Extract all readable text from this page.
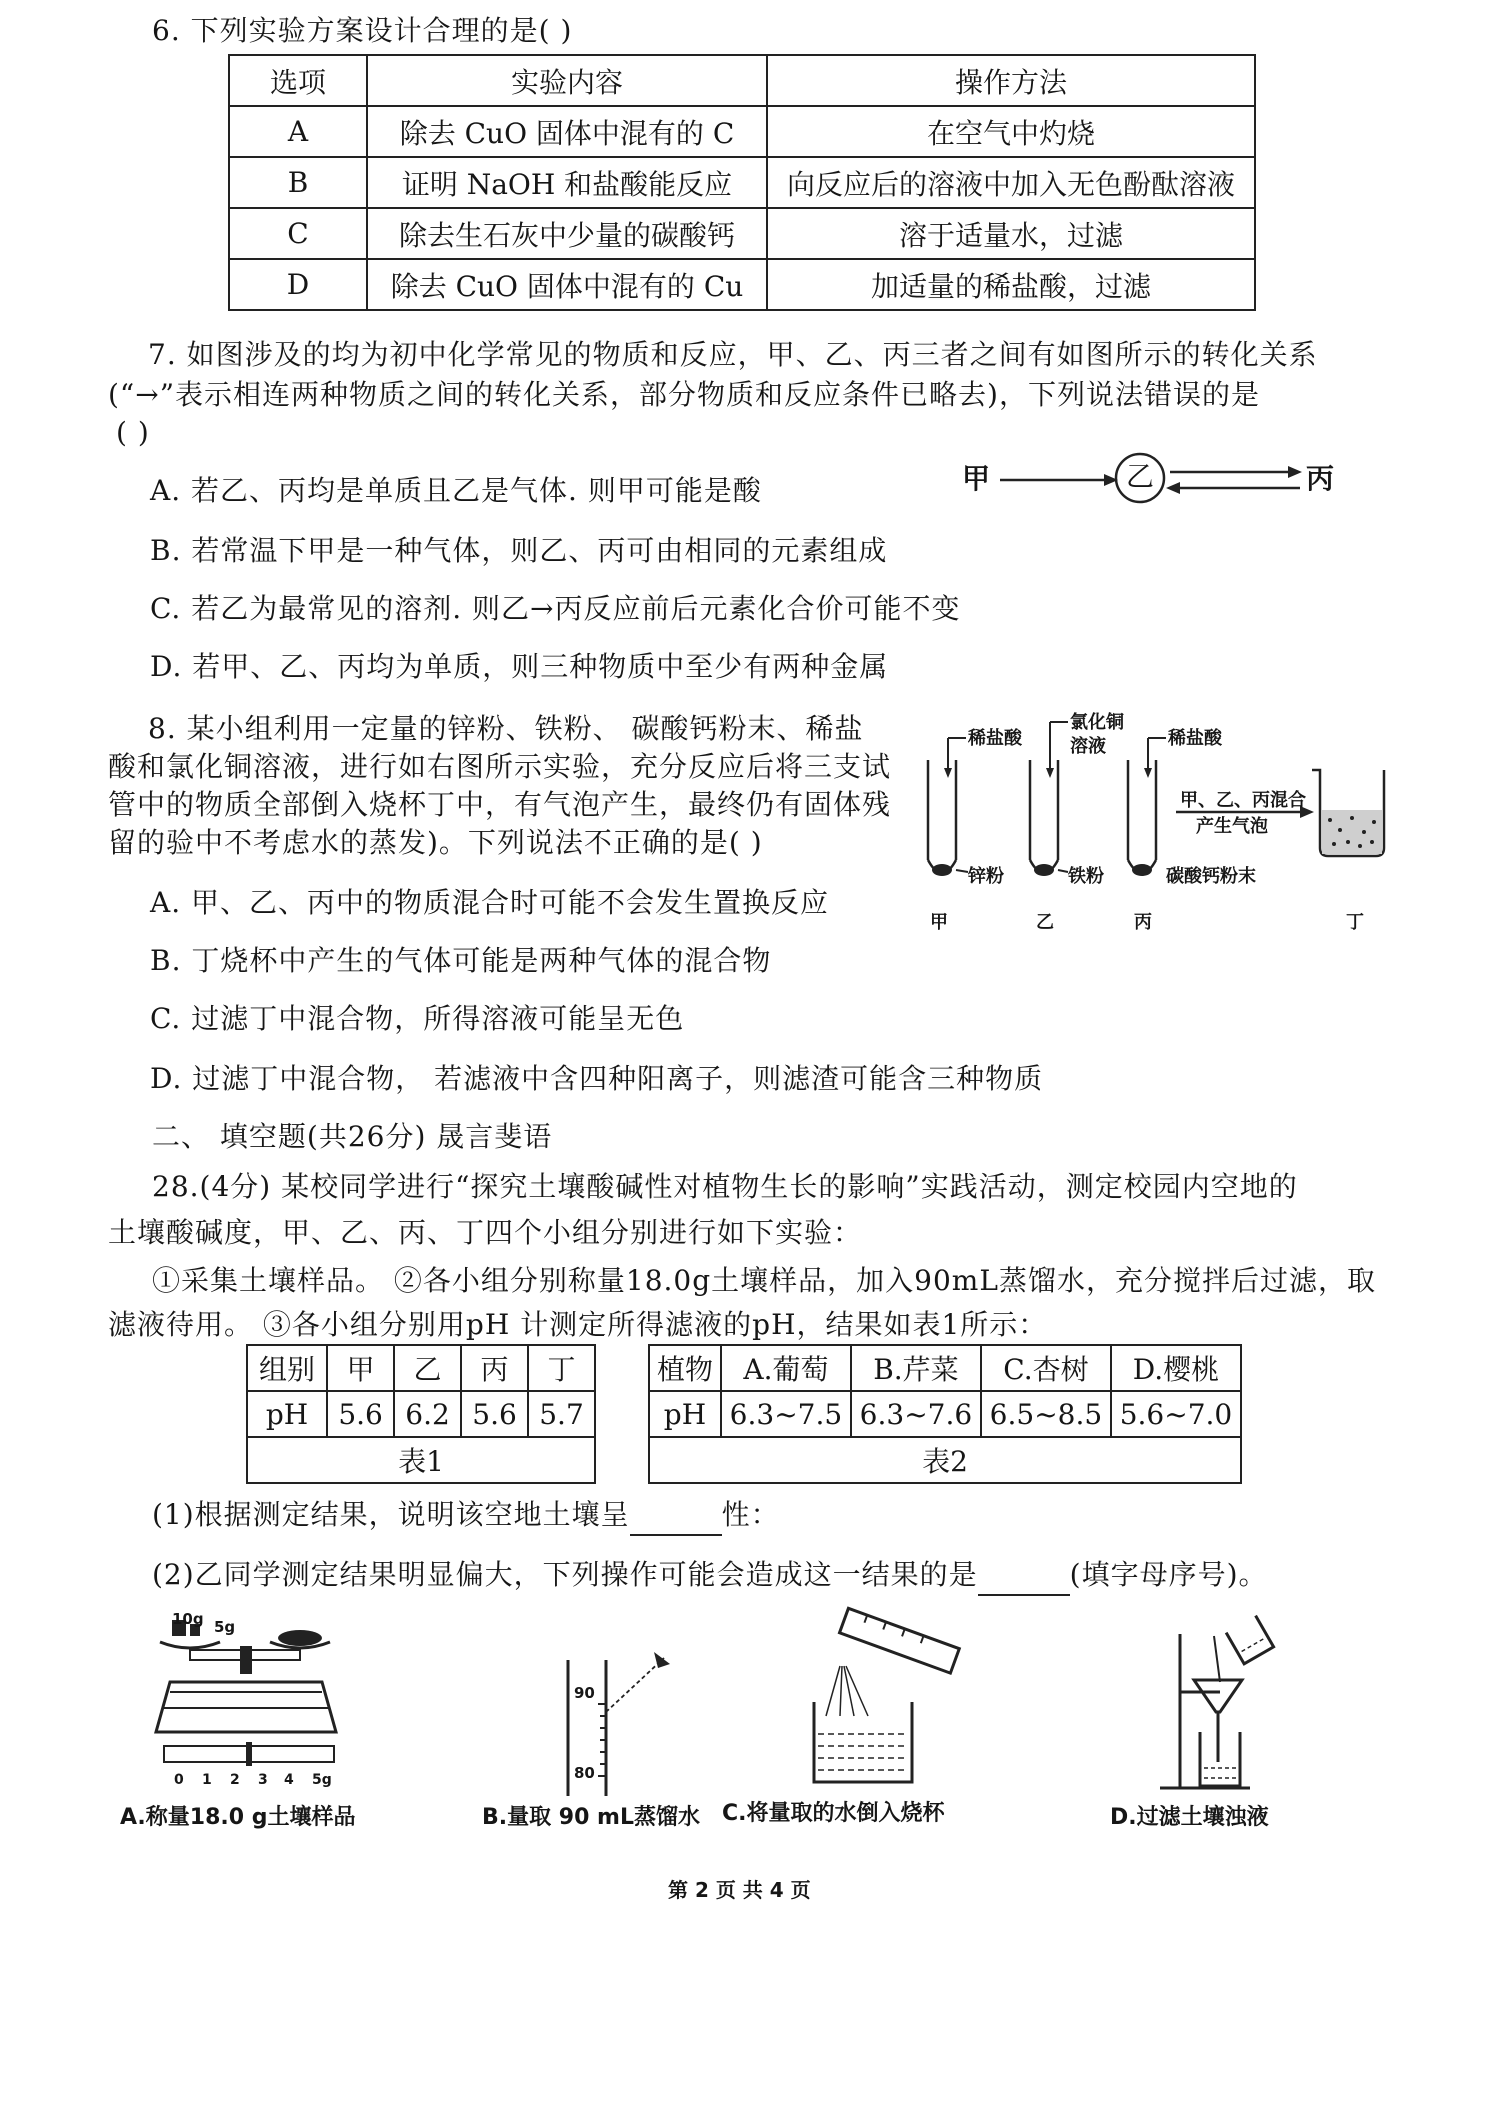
6. 下列实验方案设计合理的是( )
选项	实验内容	操作方法
A	除去 CuO 固体中混有的 C	在空气中灼烧
B	证明 NaOH 和盐酸能反应	向反应后的溶液中加入无色酚酞溶液
C	除去生石灰中少量的碳酸钙	溶于适量水，过滤
D	除去 CuO 固体中混有的 Cu	加适量的稀盐酸，过滤
7. 如图涉及的均为初中化学常见的物质和反应，甲、乙、丙三者之间有如图所示的转化关系
(“→”表示相连两种物质之间的转化关系，部分物质和反应条件已略去)，下列说法错误的是
( )
A. 若乙、丙均是单质且乙是气体. 则甲可能是酸
B. 若常温下甲是一种气体，则乙、丙可由相同的元素组成
C. 若乙为最常见的溶剂. 则乙→丙反应前后元素化合价可能不变
D. 若甲、乙、丙均为单质，则三种物质中至少有两种金属
甲	乙	丙
8. 某小组利用一定量的锌粉、铁粉、 碳酸钙粉末、稀盐
酸和氯化铜溶液，进行如右图所示实验，充分反应后将三支试
管中的物质全部倒入烧杯丁中，有气泡产生，最终仍有固体残
留的验中不考虑水的蒸发)。下列说法不正确的是( )
A. 甲、乙、丙中的物质混合时可能不会发生置换反应
B. 丁烧杯中产生的气体可能是两种气体的混合物
C. 过滤丁中混合物，所得溶液可能呈无色
D. 过滤丁中混合物， 若滤液中含四种阳离子，则滤渣可能含三种物质
稀盐酸
氯化铜
溶液	稀盐酸
锌粉	铁粉	碳酸钙粉末
甲、乙、丙混合
产生气泡
甲	乙	丙	丁
二、 填空题(共26分) 晟言斐语
28.(4分) 某校同学进行“探究土壤酸碱性对植物生长的影响”实践活动，测定校园内空地的
土壤酸碱度，甲、乙、丙、丁四个小组分别进行如下实验：
①采集土壤样品。 ②各小组分别称量18.0g土壤样品，加入90mL蒸馏水，充分搅拌后过滤，取
滤液待用。 ③各小组分别用pH 计测定所得滤液的pH，结果如表1所示：
组别	甲	乙	丙	丁
pH	5.6	6.2	5.6	5.7
表1				
植物	A.葡萄	B.芹菜	C.杏树	D.樱桃
pH	6.3~7.5	6.3~7.6	6.5~8.5	5.6~7.0
表2				
(1)根据测定结果，说明该空地土壤呈	性：
(2)乙同学测定结果明显偏大，下列操作可能会造成这一结果的是	(填字母序号)。
10g 5g
0 1 2 3 4 5g
90
80
A.称量18.0 g土壤样品	B.量取 90 mL蒸馏水 C.将量取的水倒入烧杯	D.过滤土壤浊液
第 2 页 共 4 页
